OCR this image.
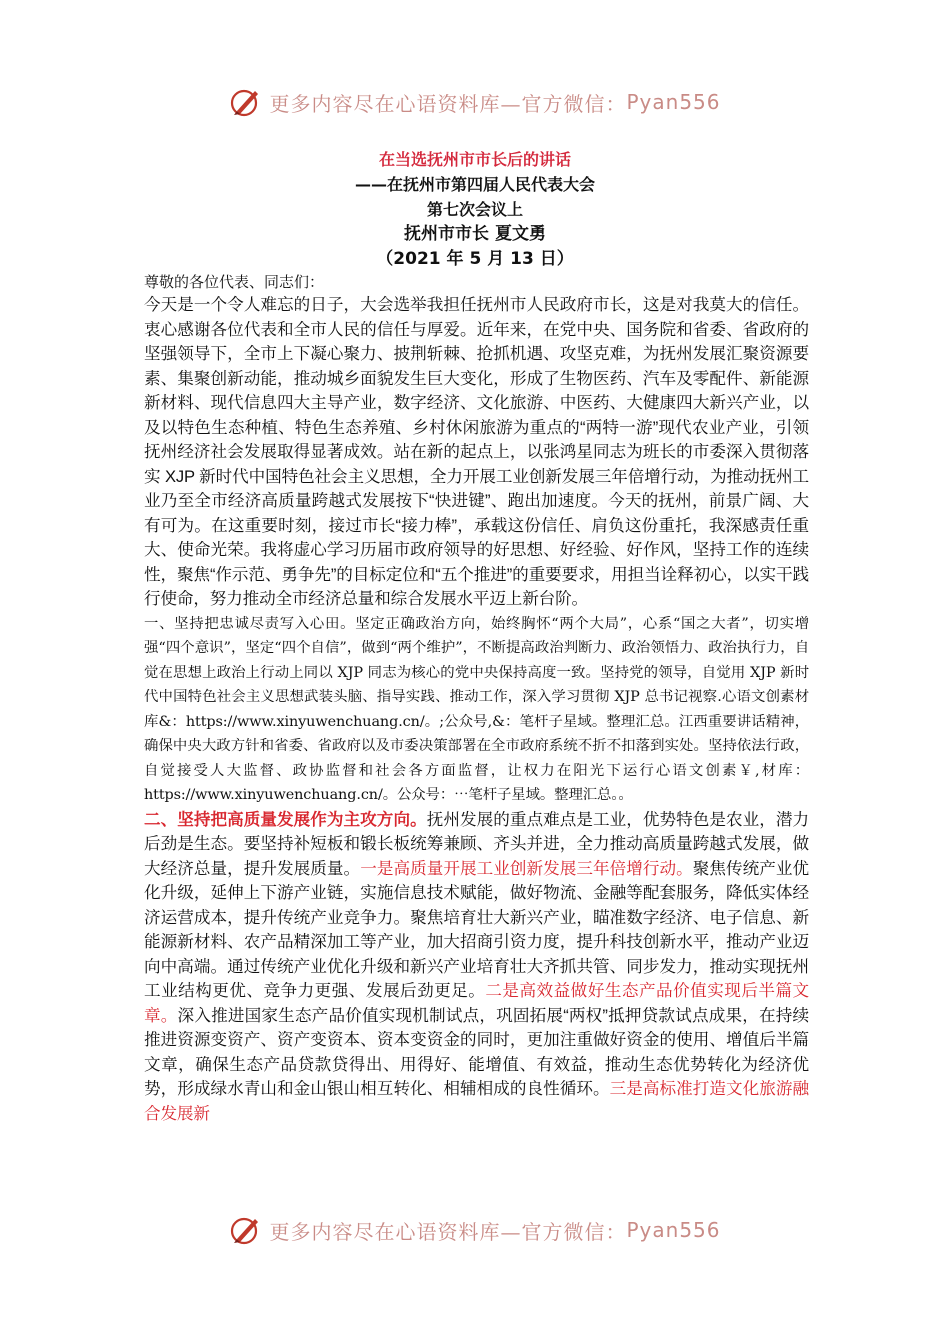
更多内容尽在心语资料库—官方微信： Pyan556
在当选抚州市市长后的讲话
——在抚州市第四届人民代表大会
第七次会议上
抚州市市长 夏文勇
（2021 年 5 月 13 日）
尊敬的各位代表、同志们：

今天是一个令人难忘的日子，大会选举我担任抚州市人民政府市长，这是对我莫大的信任。衷心感谢各位代表和全市人民的信任与厚爱。近年来，在党中央、国务院和省委、省政府的坚强领导下，全市上下凝心聚力、披荆斩棘、抢抓机遇、攻坚克难，为抚州发展汇聚资源要素、集聚创新动能，推动城乡面貌发生巨大变化，形成了生物医药、汽车及零配件、新能源新材料、现代信息四大主导产业，数字经济、文化旅游、中医药、大健康四大新兴产业，以及以特色生态种植、特色生态养殖、乡村休闲旅游为重点的“两特一游”现代农业产业，引领抚州经济社会发展取得显著成效。站在新的起点上，以张鸿星同志为班长的市委深入贯彻落实 XJP 新时代中国特色社会主义思想，全力开展工业创新发展三年倍增行动，为推动抚州工业乃至全市经济高质量跨越式发展按下“快进键”、跑出加速度。今天的抚州，前景广阔、大有可为。在这重要时刻，接过市长“接力棒”，承载这份信任、肩负这份重托，我深感责任重大、使命光荣。我将虚心学习历届市政府领导的好思想、好经验、好作风，坚持工作的连续性，聚焦“作示范、勇争先”的目标定位和“五个推进”的重要要求，用担当诠释初心，以实干践行使命，努力推动全市经济总量和综合发展水平迈上新台阶。

一、坚持把忠诚尽责写入心田。坚定正确政治方向，始终胸怀“两个大局”，心系“国之大者”，切实增强“四个意识”，坚定“四个自信”，做到“两个维护”，不断提高政治判断力、政治领悟力、政治执行力，自觉在思想上政治上行动上同以 XJP 同志为核心的党中央保持高度一致。坚持党的领导，自觉用 XJP 新时代中国特色社会主义思想武装头脑、指导实践、推动工作，深入学习贯彻 XJP 总书记视察.心语文创素材库&：https://www.xinyuwenchuang.cn/。;公众号,&：笔杆子星域。整理汇总。江西重要讲话精神，确保中央大政方针和省委、省政府以及市委决策部署在全市政府系统不折不扣落到实处。坚持依法行政，自觉接受人大监督、政协监督和社会各方面监督，让权力在阳光下运行心语文创素￥,材库：https://www.xinyuwenchuang.cn/。公众号：⋯笔杆子星域。整理汇总。。

二、坚持把高质量发展作为主攻方向。抚州发展的重点难点是工业，优势特色是农业，潜力后劲是生态。要坚持补短板和锻长板统筹兼顾、齐头并进，全力推动高质量跨越式发展，做大经济总量，提升发展质量。一是高质量开展工业创新发展三年倍增行动。聚焦传统产业优化升级，延伸上下游产业链，实施信息技术赋能，做好物流、金融等配套服务，降低实体经济运营成本，提升传统产业竞争力。聚焦培育壮大新兴产业，瞄准数字经济、电子信息、新能源新材料、农产品精深加工等产业，加大招商引资力度，提升科技创新水平，推动产业迈向中高端。通过传统产业优化升级和新兴产业培育壮大齐抓共管、同步发力，推动实现抚州工业结构更优、竞争力更强、发展后劲更足。二是高效益做好生态产品价值实现后半篇文章。深入推进国家生态产品价值实现机制试点，巩固拓展“两权”抵押贷款试点成果，在持续推进资源变资产、资产变资本、资本变资金的同时，更加注重做好资金的使用、增值后半篇文章，确保生态产品贷款贷得出、用得好、能增值、有效益，推动生态优势转化为经济优势，形成绿水青山和金山银山相互转化、相辅相成的良性循环。三是高标准打造文化旅游融合发展新

更多内容尽在心语资料库—官方微信： Pyan556
